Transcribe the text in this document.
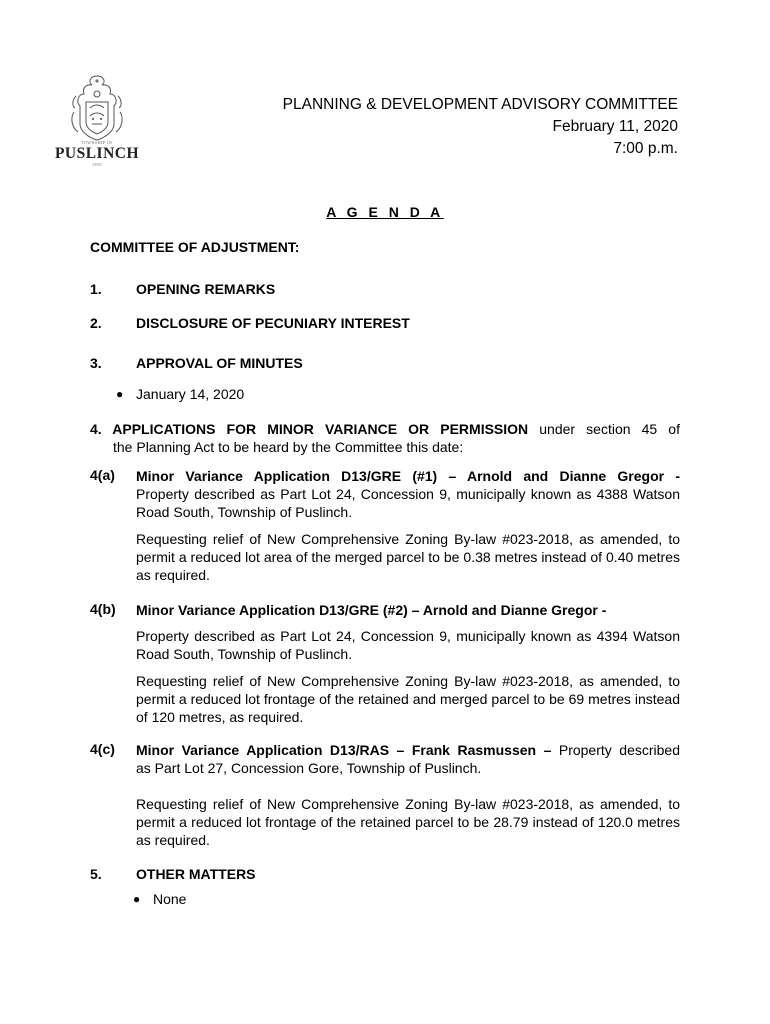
TOWNSHIP OF
PUSLINCH
1850
PLANNING & DEVELOPMENT ADVISORY COMMITTEE
February 11, 2020
7:00 p.m.
A G E N D A
COMMITTEE OF ADJUSTMENT:
1. OPENING REMARKS
2. DISCLOSURE OF PECUNIARY INTEREST
3. APPROVAL OF MINUTES
● January 14, 2020
4. APPLICATIONS FOR MINOR VARIANCE OR PERMISSION under section 45 of
the Planning Act to be heard by the Committee this date:
4(a) Minor Variance Application D13/GRE (#1) – Arnold and Dianne Gregor -
Property described as Part Lot 24, Concession 9, municipally known as 4388 Watson Road South, Township of Puslinch.
Requesting relief of New Comprehensive Zoning By-law #023-2018, as amended, to permit a reduced lot area of the merged parcel to be 0.38 metres instead of 0.40 metres as required.
4(b) Minor Variance Application D13/GRE (#2) – Arnold and Dianne Gregor -
Property described as Part Lot 24, Concession 9, municipally known as 4394 Watson Road South, Township of Puslinch.
Requesting relief of New Comprehensive Zoning By-law #023-2018, as amended, to permit a reduced lot frontage of the retained and merged parcel to be 69 metres instead of 120 metres, as required.
4(c) Minor Variance Application D13/RAS – Frank Rasmussen – Property described
as Part Lot 27, Concession Gore, Township of Puslinch.
Requesting relief of New Comprehensive Zoning By-law #023-2018, as amended, to permit a reduced lot frontage of the retained parcel to be 28.79 instead of 120.0 metres as required.
5. OTHER MATTERS
● None
